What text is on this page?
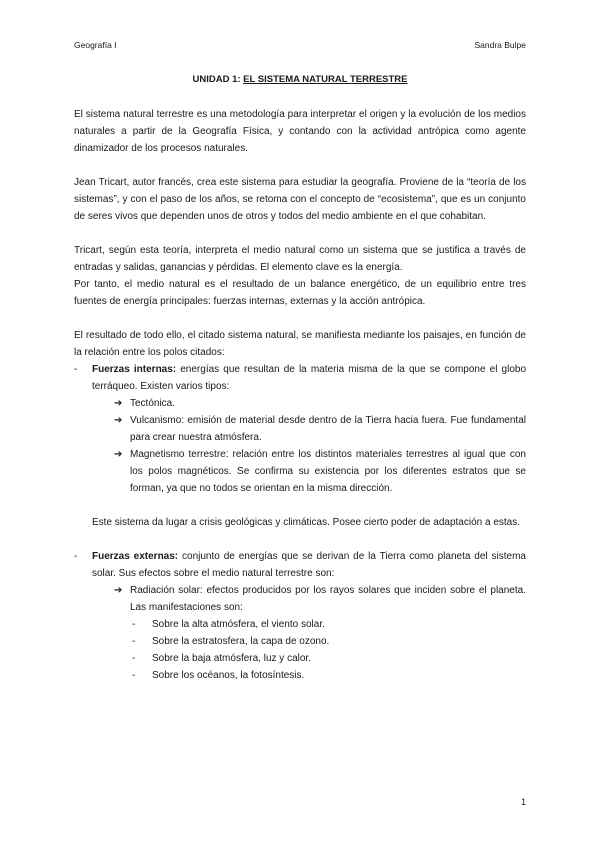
Geografía I	Sandra Bulpe
UNIDAD 1: EL SISTEMA NATURAL TERRESTRE

El sistema natural terrestre es una metodología para interpretar el origen y la evolución de los medios naturales a partir de la Geografía Física, y contando con la actividad antrópica como agente dinamizador de los procesos naturales.

Jean Tricart, autor francés, crea este sistema para estudiar la geografía. Proviene de la “teoría de los sistemas”, y con el paso de los años, se retoma con el concepto de “ecosistema”, que es un conjunto de seres vivos que dependen unos de otros y todos del medio ambiente en el que cohabitan.

Tricart, según esta teoría, interpreta el medio natural como un sistema que se justifica a través de entradas y salidas, ganancias y pérdidas. El elemento clave es la energía.

Por tanto, el medio natural es el resultado de un balance energético, de un equilibrio entre tres fuentes de energía principales: fuerzas internas, externas y la acción antrópica.

El resultado de todo ello, el citado sistema natural, se manifiesta mediante los paisajes, en función de la relación entre los polos citados:

- Fuerzas internas: energías que resultan de la materia misma de la que se compone el globo terráqueo. Existen varios tipos:

➔ Tectónica.

➔ Vulcanismo: emisión de material desde dentro de la Tierra hacia fuera. Fue fundamental para crear nuestra atmósfera.

➔ Magnetismo terrestre: relación entre los distintos materiales terrestres al igual que con los polos magnéticos. Se confirma su existencia por los diferentes estratos que se forman, ya que no todos se orientan en la misma dirección.

Este sistema da lugar a crisis geológicas y climáticas. Posee cierto poder de adaptación a estas.

- Fuerzas externas: conjunto de energías que se derivan de la Tierra como planeta del sistema solar. Sus efectos sobre el medio natural terrestre son:

➔ Radiación solar: efectos producidos por los rayos solares que inciden sobre el planeta. Las manifestaciones son:

- Sobre la alta atmósfera, el viento solar.

- Sobre la estratosfera, la capa de ozono.

- Sobre la baja atmósfera, luz y calor.

- Sobre los océanos, la fotosíntesis.

1
